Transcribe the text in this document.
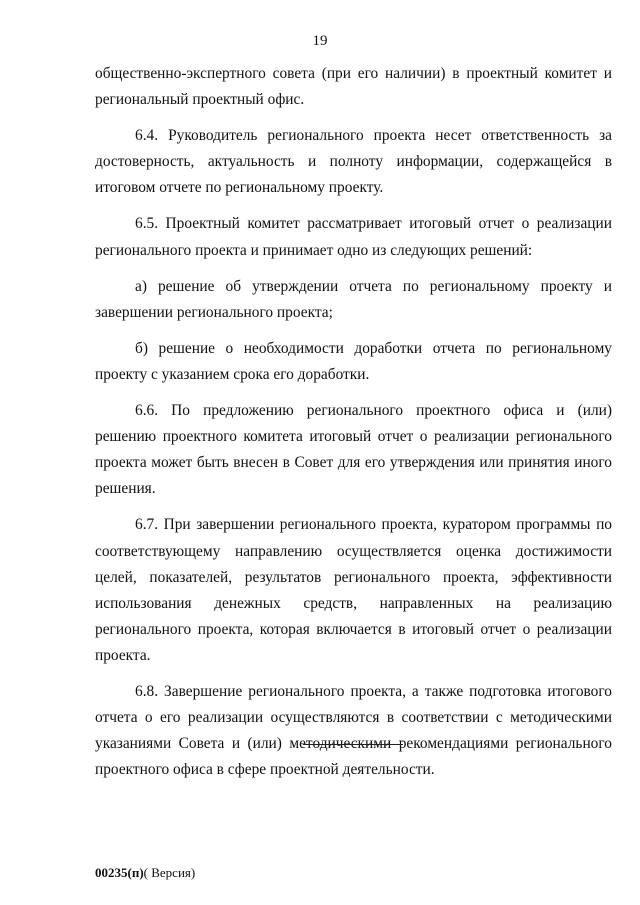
19

общественно-экспертного совета (при его наличии) в проектный комитет и региональный проектный офис.

6.4. Руководитель регионального проекта несет ответственность за достоверность, актуальность и полноту информации, содержащейся в итоговом отчете по региональному проекту.

6.5. Проектный комитет рассматривает итоговый отчет о реализации регионального проекта и принимает одно из следующих решений:

а) решение об утверждении отчета по региональному проекту и завершении регионального проекта;

б) решение о необходимости доработки отчета по региональному проекту с указанием срока его доработки.

6.6. По предложению регионального проектного офиса и (или) решению проектного комитета итоговый отчет о реализации регионального проекта может быть внесен в Совет для его утверждения или принятия иного решения.

6.7. При завершении регионального проекта, куратором программы по соответствующему направлению осуществляется оценка достижимости целей, показателей, результатов регионального проекта, эффективности использования денежных средств, направленных на реализацию регионального проекта, которая включается в итоговый отчет о реализации проекта.

6.8. Завершение регионального проекта, а также подготовка итогового отчета о его реализации осуществляются в соответствии с методическими указаниями Совета и (или) методическими рекомендациями регионального проектного офиса в сфере проектной деятельности.

00235(п)( Версия)
